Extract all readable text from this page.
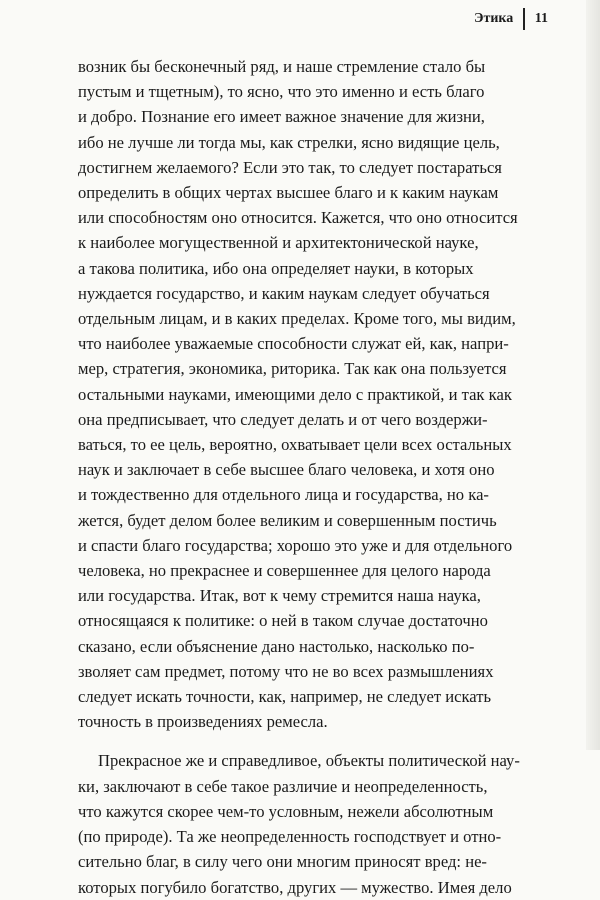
Этика 11
возник бы бесконечный ряд, и наше стремление стало бы
пустым и тщетным), то ясно, что это именно и есть благо
и добро. Познание его имеет важное значение для жизни,
ибо не лучше ли тогда мы, как стрелки, ясно видящие цель,
достигнем желаемого? Если это так, то следует постараться
определить в общих чертах высшее благо и к каким наукам
или способностям оно относится. Кажется, что оно относится
к наиболее могущественной и архитектонической науке,
а такова политика, ибо она определяет науки, в которых
нуждается государство, и каким наукам следует обучаться
отдельным лицам, и в каких пределах. Кроме того, мы видим,
что наиболее уважаемые способности служат ей, как, напри-
мер, стратегия, экономика, риторика. Так как она пользуется
остальными науками, имеющими дело с практикой, и так как
она предписывает, что следует делать и от чего воздержи-
ваться, то ее цель, вероятно, охватывает цели всех остальных
наук и заключает в себе высшее благо человека, и хотя оно
и тождественно для отдельного лица и государства, но ка-
жется, будет делом более великим и совершенным постичь
и спасти благо государства; хорошо это уже и для отдельного
человека, но прекраснее и совершеннее для целого народа
или государства. Итак, вот к чему стремится наша наука,
относящаяся к политике: о ней в таком случае достаточно
сказано, если объяснение дано настолько, насколько по-
зволяет сам предмет, потому что не во всех размышлениях
следует искать точности, как, например, не следует искать
точность в произведениях ремесла.
Прекрасное же и справедливое, объекты политической нау-
ки, заключают в себе такое различие и неопределенность,
что кажутся скорее чем-то условным, нежели абсолютным
(по природе). Та же неопределенность господствует и отно-
сительно благ, в силу чего они многим приносят вред: не-
которых погубило богатство, других — мужество. Имея дело
